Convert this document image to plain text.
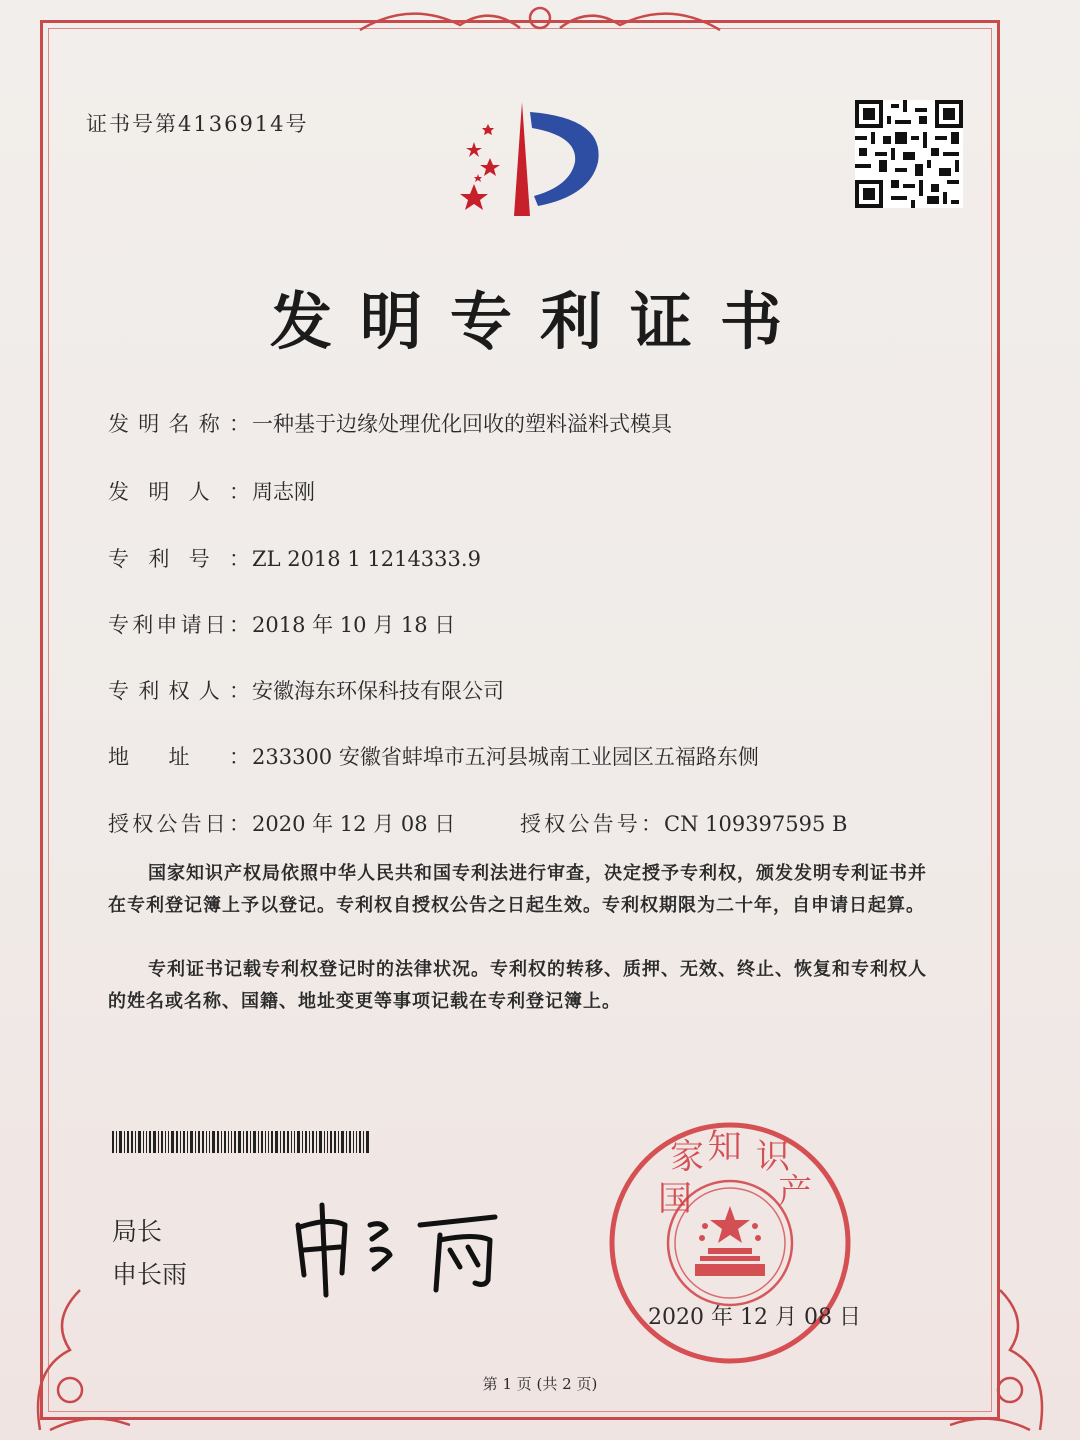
证书号第4136914号
发明专利证书
发明名称：一种基于边缘处理优化回收的塑料溢料式模具
发明人：周志刚
专利号：ZL 2018 1 1214333.9
专利申请日：2018 年 10 月 18 日
专利权人：安徽海东环保科技有限公司
地址：233300 安徽省蚌埠市五河县城南工业园区五福路东侧
授权公告日：2020 年 12 月 08 日	授权公告号：CN 109397595 B
国家知识产权局依照中华人民共和国专利法进行审查，决定授予专利权，颁发发明专利证书并在专利登记簿上予以登记。专利权自授权公告之日起生效。专利权期限为二十年，自申请日起算。
专利证书记载专利权登记时的法律状况。专利权的转移、质押、无效、终止、恢复和专利权人的姓名或名称、国籍、地址变更等事项记载在专利登记簿上。
局长
申长雨
国家 知 识产
2020 年 12 月 08 日
第 1 页 (共 2 页)
